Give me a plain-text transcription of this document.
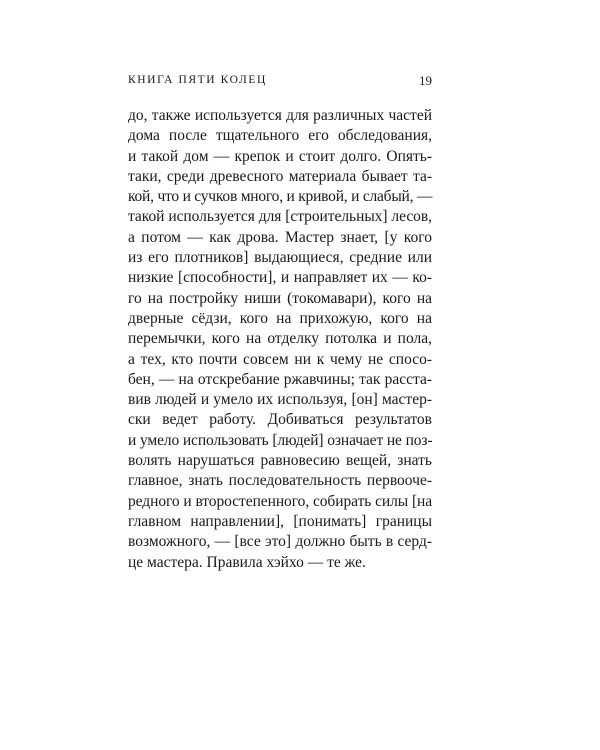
КНИГА ПЯТИ КОЛЕЦ	19
до, также используется для различных частей
дома после тщательного его обследования,
и такой дом — крепок и стоит долго. Опять-
таки, среди древесного материала бывает та-
кой, что и сучков много, и кривой, и слабый, —
такой используется для [строительных] лесов,
а потом — как дрова. Мастер знает, [у кого
из его плотников] выдающиеся, средние или
низкие [способности], и направляет их — ко-
го на постройку ниши (токомавари), кого на
дверные сёдзи, кого на прихожую, кого на
перемычки, кого на отделку потолка и пола,
а тех, кто почти совсем ни к чему не спосо-
бен, — на отскребание ржавчины; так расста-
вив людей и умело их используя, [он] мастер-
ски ведет работу. Добиваться результатов
и умело использовать [людей] означает не поз-
волять нарушаться равновесию вещей, знать
главное, знать последовательность первооче-
редного и второстепенного, собирать силы [на
главном направлении], [понимать] границы
возможного, — [все это] должно быть в серд-
це мастера. Правила хэйхо — те же.
